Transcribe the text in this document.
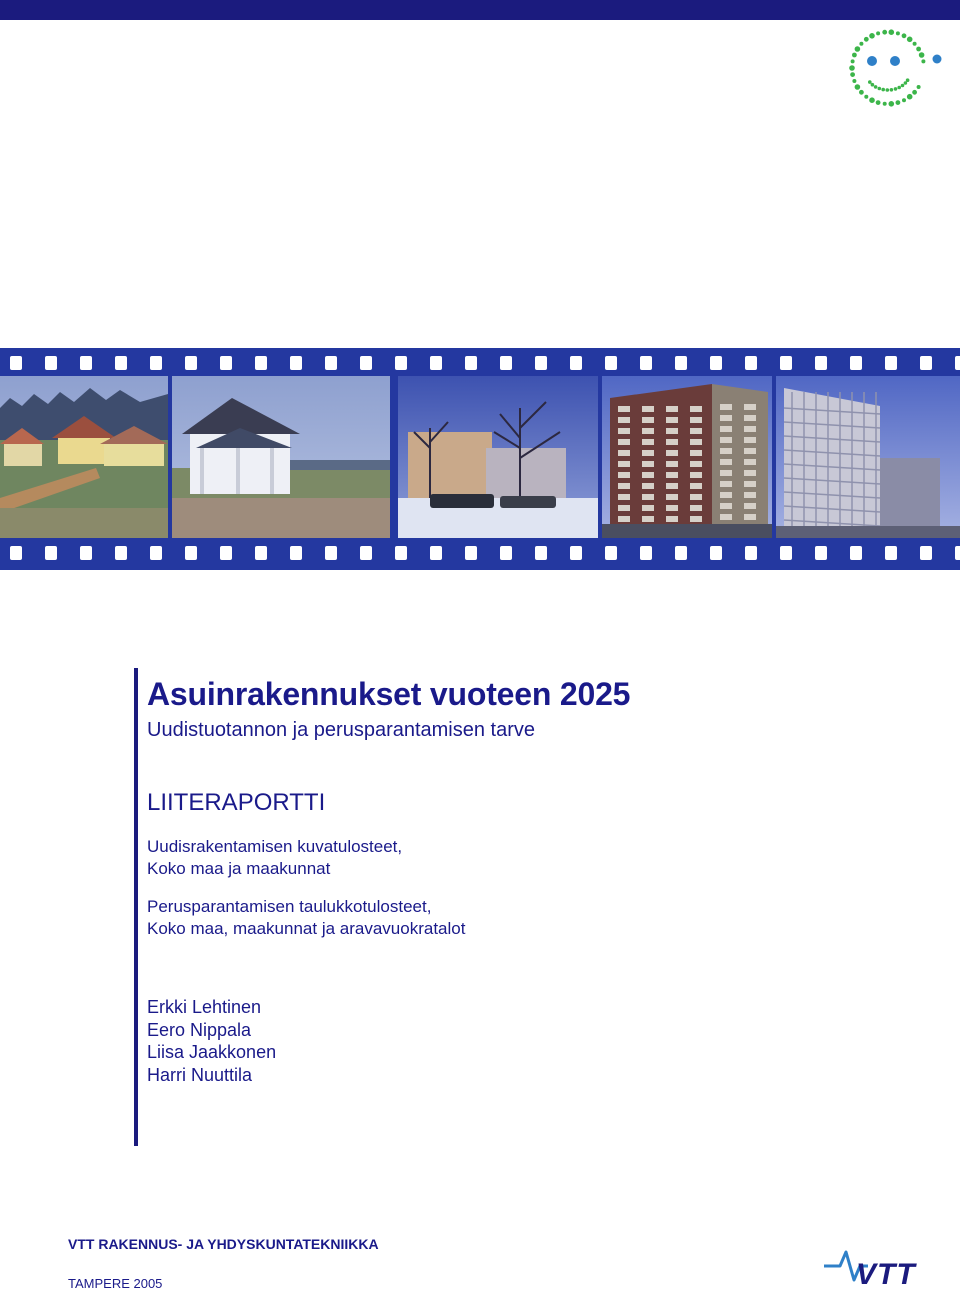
Asuinrakennukset vuoteen 2025

Uudistuotannon ja perusparantamisen tarve

LIITERAPORTTI

Uudisrakentamisen kuvatulosteet,
Koko maa ja maakunnat

Perusparantamisen taulukkotulosteet,
Koko maa, maakunnat ja aravavuokratalot

Erkki Lehtinen
Eero Nippala
Liisa Jaakkonen
Harri Nuuttila

VTT RAKENNUS- JA YHDYSKUNTATEKNIIKKA

TAMPERE 2005	VTT
